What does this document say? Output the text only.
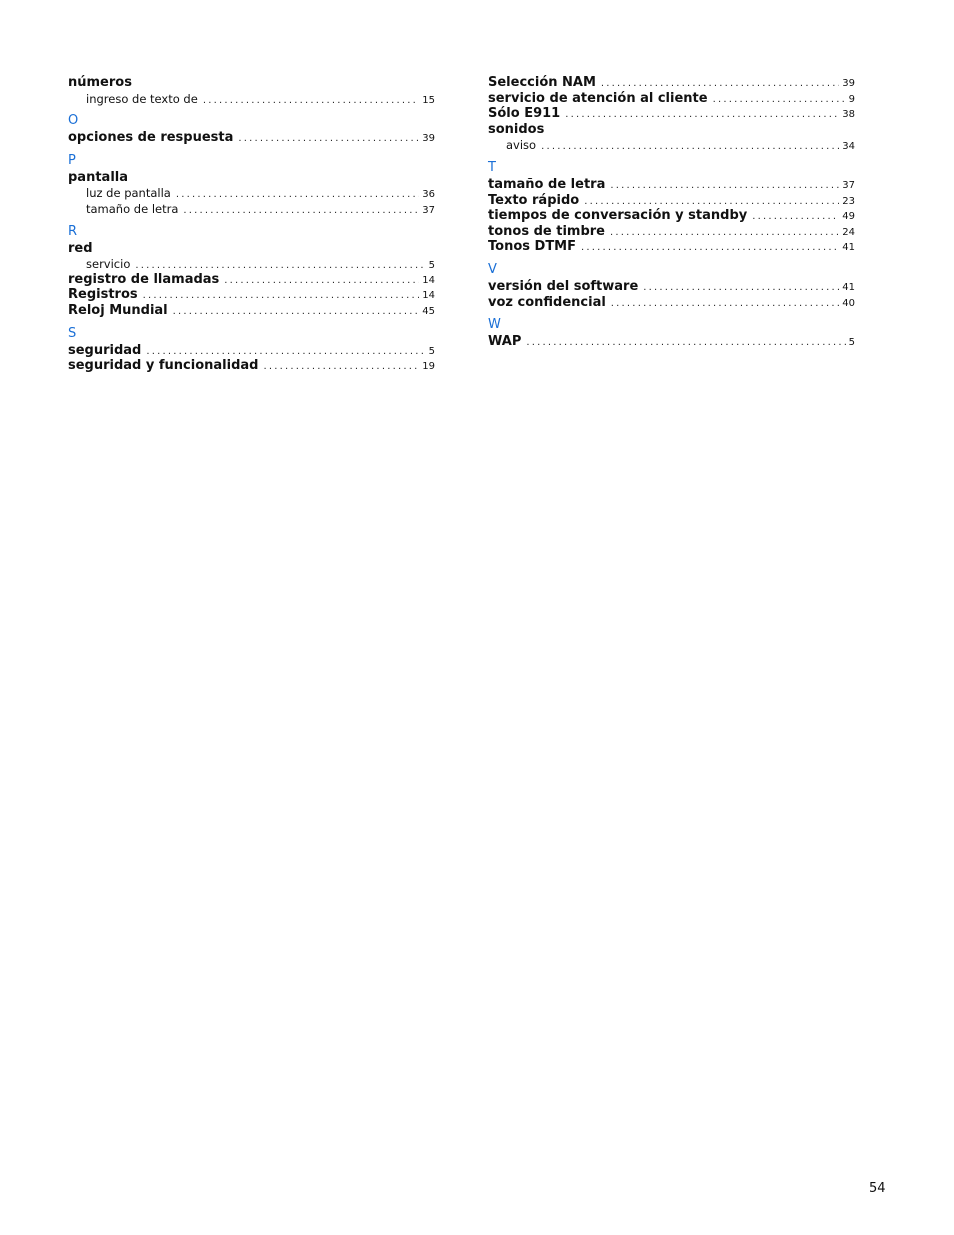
números
ingreso de texto de .....	15
O
opciones de respuesta .....	39
P
pantalla
luz de pantalla .....	36
tamaño de letra .....	37
R
red
servicio .....	5
registro de llamadas .....	14
Registros .....	14
Reloj Mundial .....	45
S
seguridad .....	5
seguridad y funcionalidad .....	19
Selección NAM .....	39
servicio de atención al cliente .....	9
Sólo E911 .....	38
sonidos
aviso .....	34
T
tamaño de letra .....	37
Texto rápido .....	23
tiempos de conversación y standby .....	49
tonos de timbre .....	24
Tonos DTMF .....	41
V
versión del software .....	41
voz confidencial .....	40
W
WAP .....	5
54
